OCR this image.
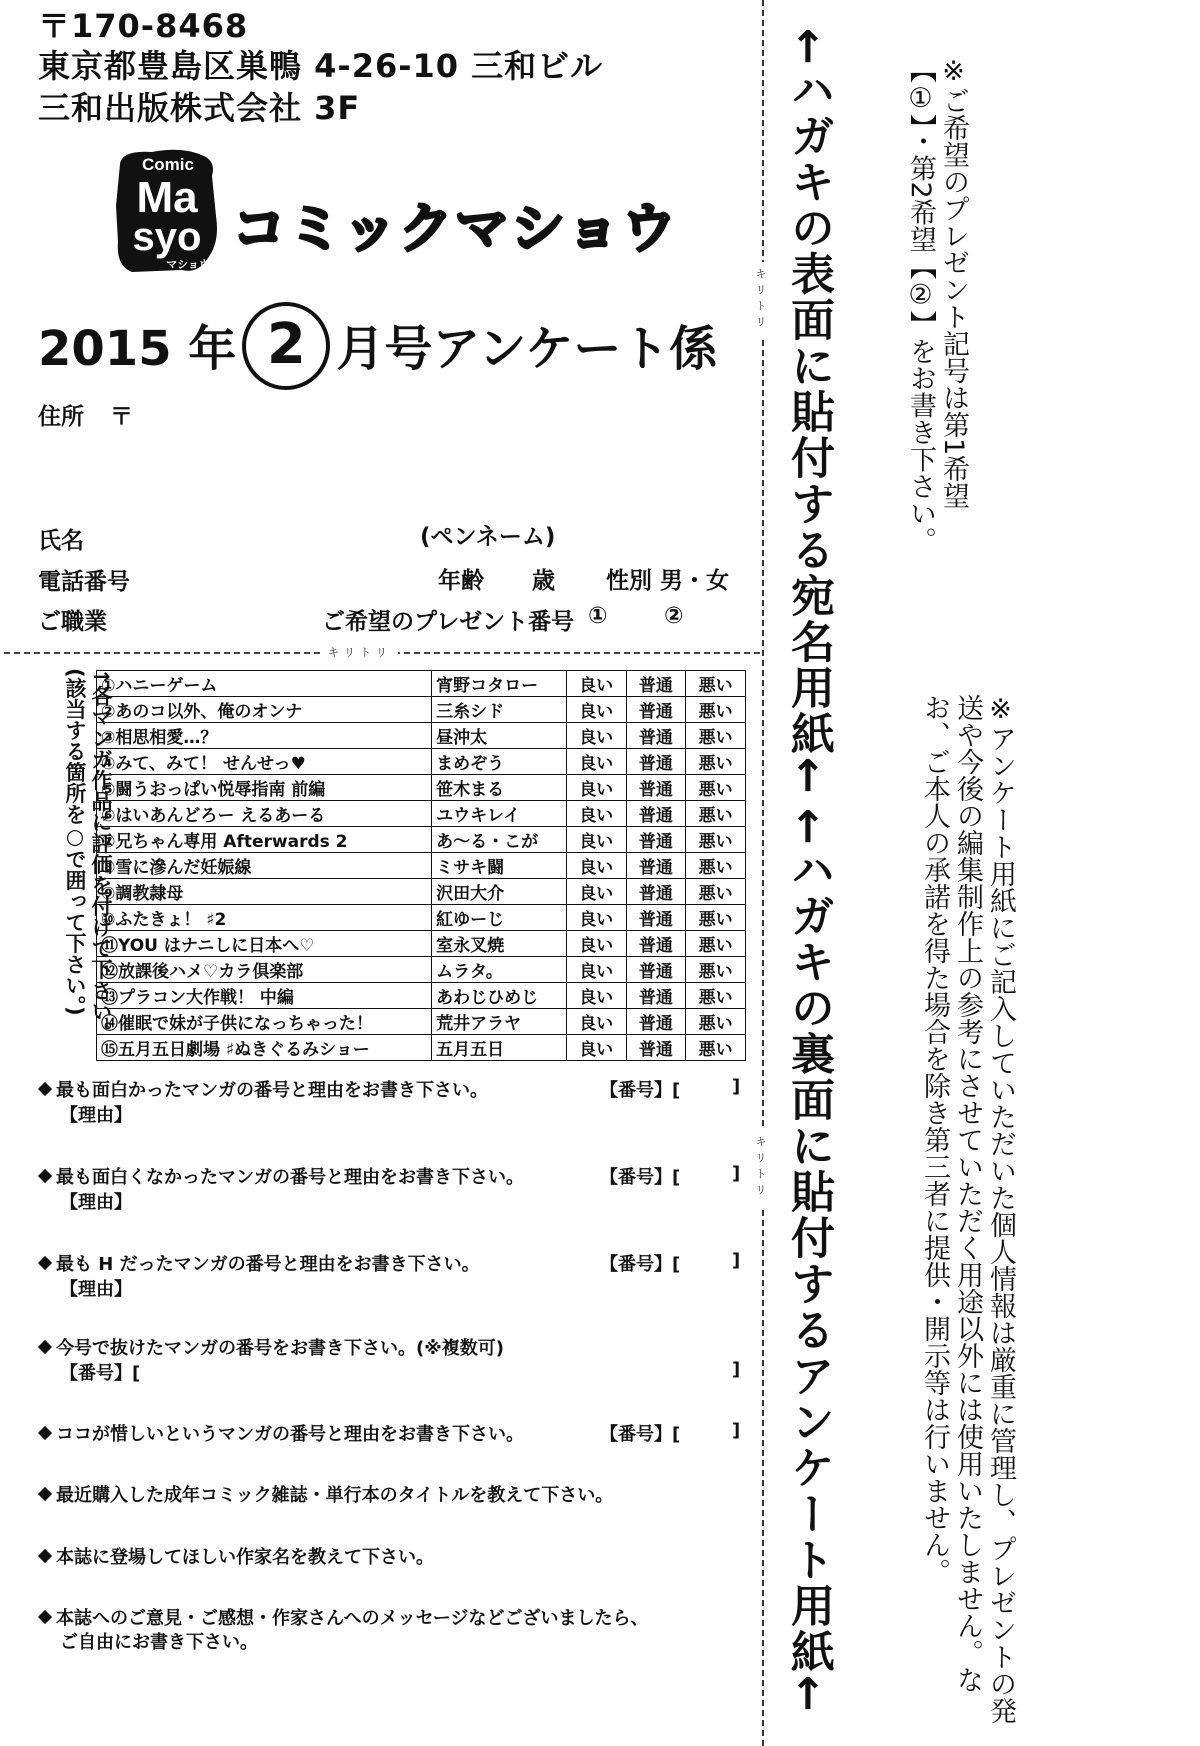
〒170-8468
東京都豊島区巣鴨 4-26-10 三和ビル
三和出版株式会社 3F
Comic
Ma
syo
マショウ
コミックマショウ
2015 年 2 月号アンケート係
住所 〒
氏名	(ペンネーム)
電話番号	年齢 歳 性別 男・女
ご職業	ご希望のプレゼント番号 ① ②
キリトリ
キリトリ
キリトリ
↑各マンガ作品に評価を付けて下さい。(該当する箇所を○で囲って下さい。) ①ハニーゲーム	宵野コタロー	良い	普通	悪い
②あのコ以外、俺のオンナ	三糸シド	良い	普通	悪い
③相思相愛…？	昼沖太	良い	普通	悪い
④みて、みて！ せんせっ♥	まめぞう	良い	普通	悪い
⑤闘うおっぱい悦辱指南 前編	笹木まる	良い	普通	悪い
⑥はいあんどろー えるあーる	ユウキレイ	良い	普通	悪い
⑦兄ちゃん専用 Afterwards 2	あ～る・こが	良い	普通	悪い
⑧雪に滲んだ妊娠線	ミサキ闘	良い	普通	悪い
⑨調教隷母	沢田大介	良い	普通	悪い
⑩ふたきょ！ ♯2	紅ゆーじ	良い	普通	悪い
⑪YOU はナニしに日本へ♡	室永叉焼	良い	普通	悪い
⑫放課後ハメ♡カラ倶楽部	ムラタ。	良い	普通	悪い
⑬プラコン大作戦！ 中編	あわじひめじ	良い	普通	悪い
⑭催眠で妹が子供になっちゃった！	荒井アラヤ	良い	普通	悪い
⑮五月五日劇場 ♯ぬきぐるみショー	五月五日	良い	普通	悪い
最も面白かったマンガの番号と理由をお書き下さい。	【番号】[	]
【理由】
最も面白くなかったマンガの番号と理由をお書き下さい。	【番号】[	]
【理由】
最も H だったマンガの番号と理由をお書き下さい。	【番号】[	]
【理由】
今号で抜けたマンガの番号をお書き下さい。(※複数可)
【番号】[	]
ココが惜しいというマンガの番号と理由をお書き下さい。	【番号】[	]
最近購入した成年コミック雑誌・単行本のタイトルを教えて下さい。
本誌に登場してほしい作家名を教えて下さい。
本誌へのご意見・ご感想・作家さんへのメッセージなどございましたら、
ご自由にお書き下さい。
←ハガキの表面に貼付する宛名用紙←
←ハガキの裏面に貼付するアンケート用紙←
※ご希望のプレゼント記号は第1希望【①】・第2希望【②】をお書き下さい。
※アンケート用紙にご記入していただいた個人情報は厳重に管理し、プレゼントの発送や今後の編集制作上の参考にさせていただく用途以外には使用いたしません。なお、ご本人の承諾を得た場合を除き第三者に提供・開示等は行いません。
